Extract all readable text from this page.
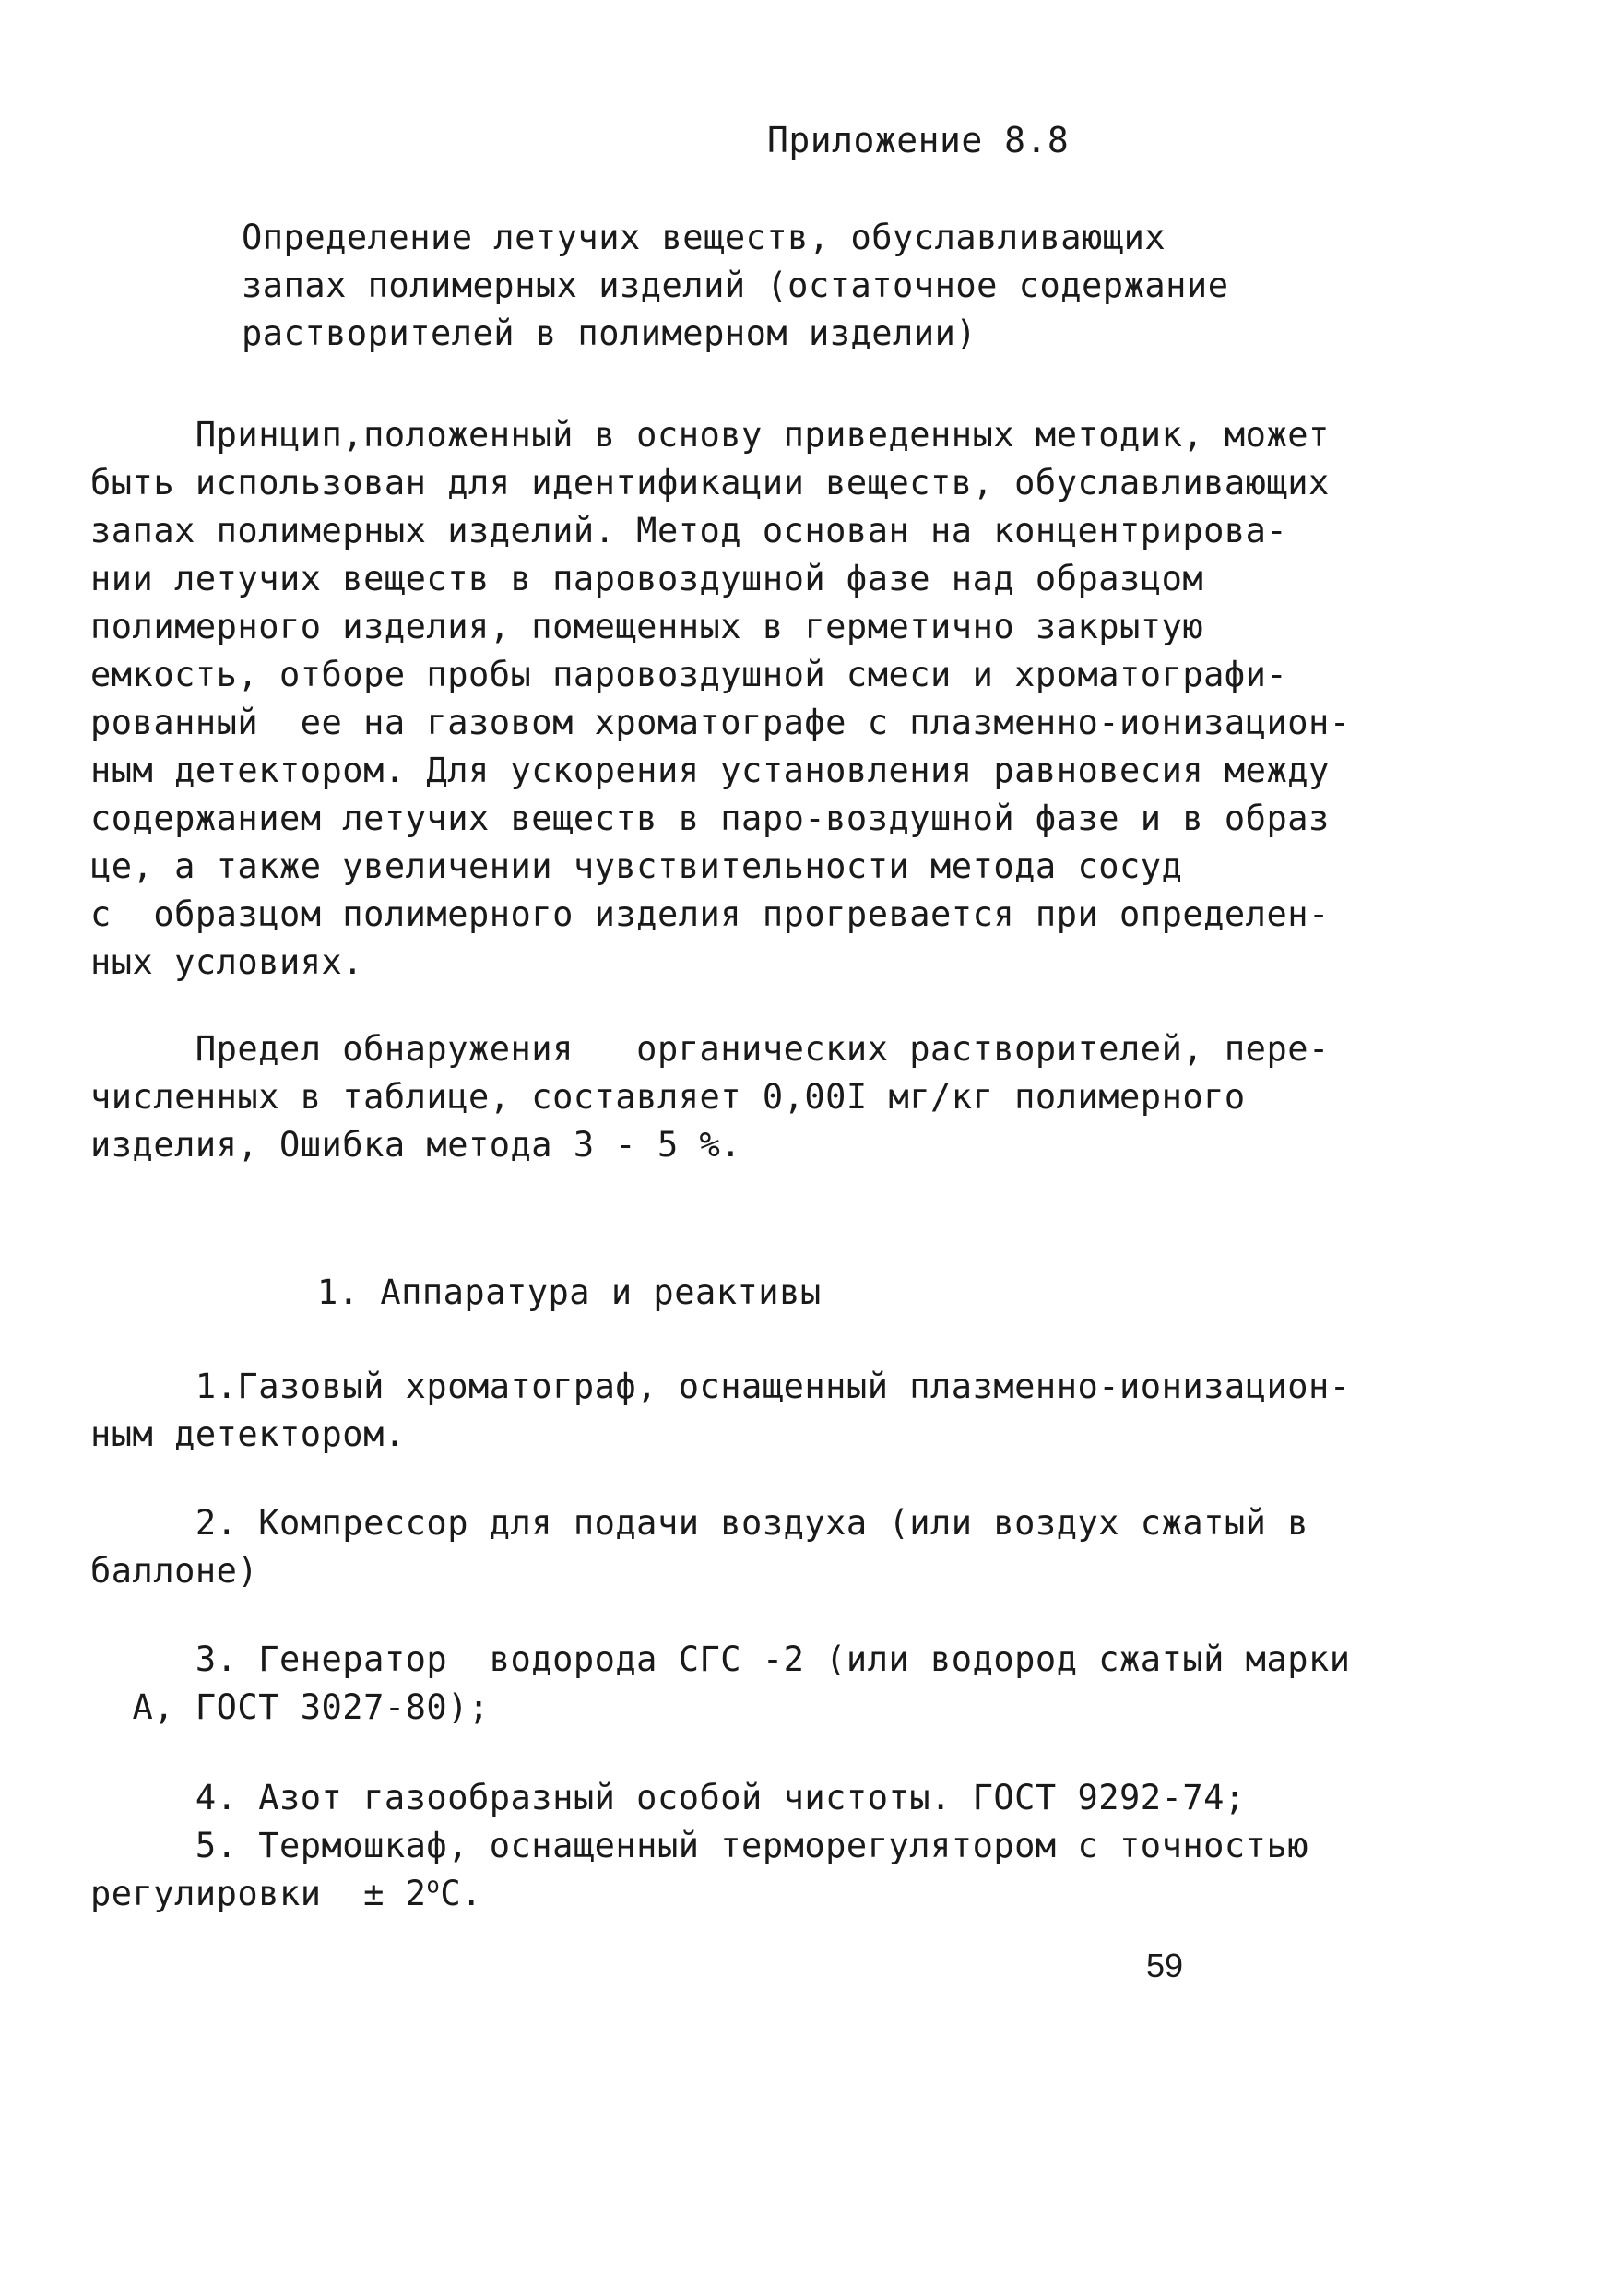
Приложение 8.8
Определение летучих веществ, обуславливающих
запах полимерных изделий (остаточное содержание
растворителей в полимерном изделии)
Принцип,положенный в основу приведенных методик, может
быть использован для идентификации веществ, обуславливающих
запах полимерных изделий. Метод основан на концентрирова-
нии летучих веществ в паровоздушной фазе над образцом
полимерного изделия, помещенных в герметично закрытую
емкость, отборе пробы паровоздушной смеси и хроматографи-
рованный  ее на газовом хроматографе с плазменно-ионизацион-
ным детектором. Для ускорения установления равновесия между
содержанием летучих веществ в паро-воздушной фазе и в образ
це, а также увеличении чувствительности метода сосуд
с  образцом полимерного изделия прогревается при определен-
ных условиях.
Предел обнаружения   органических растворителей, пере-
численных в таблице, составляет 0,00I мг/кг полимерного
изделия, Ошибка метода 3 - 5 %.
1. Аппаратура и реактивы
1.Газовый хроматограф, оснащенный плазменно-ионизацион-
ным детектором.
2. Компрессор для подачи воздуха (или воздух сжатый в
баллоне)
3. Генератор  водорода СГС -2 (или водород сжатый марки
А, ГОСТ 3027-80);
4. Азот газообразный особой чистоты. ГОСТ 9292-74;
5. Термошкаф, оснащенный терморегулятором с точностью
регулировки  ± $2^оС$.
59
